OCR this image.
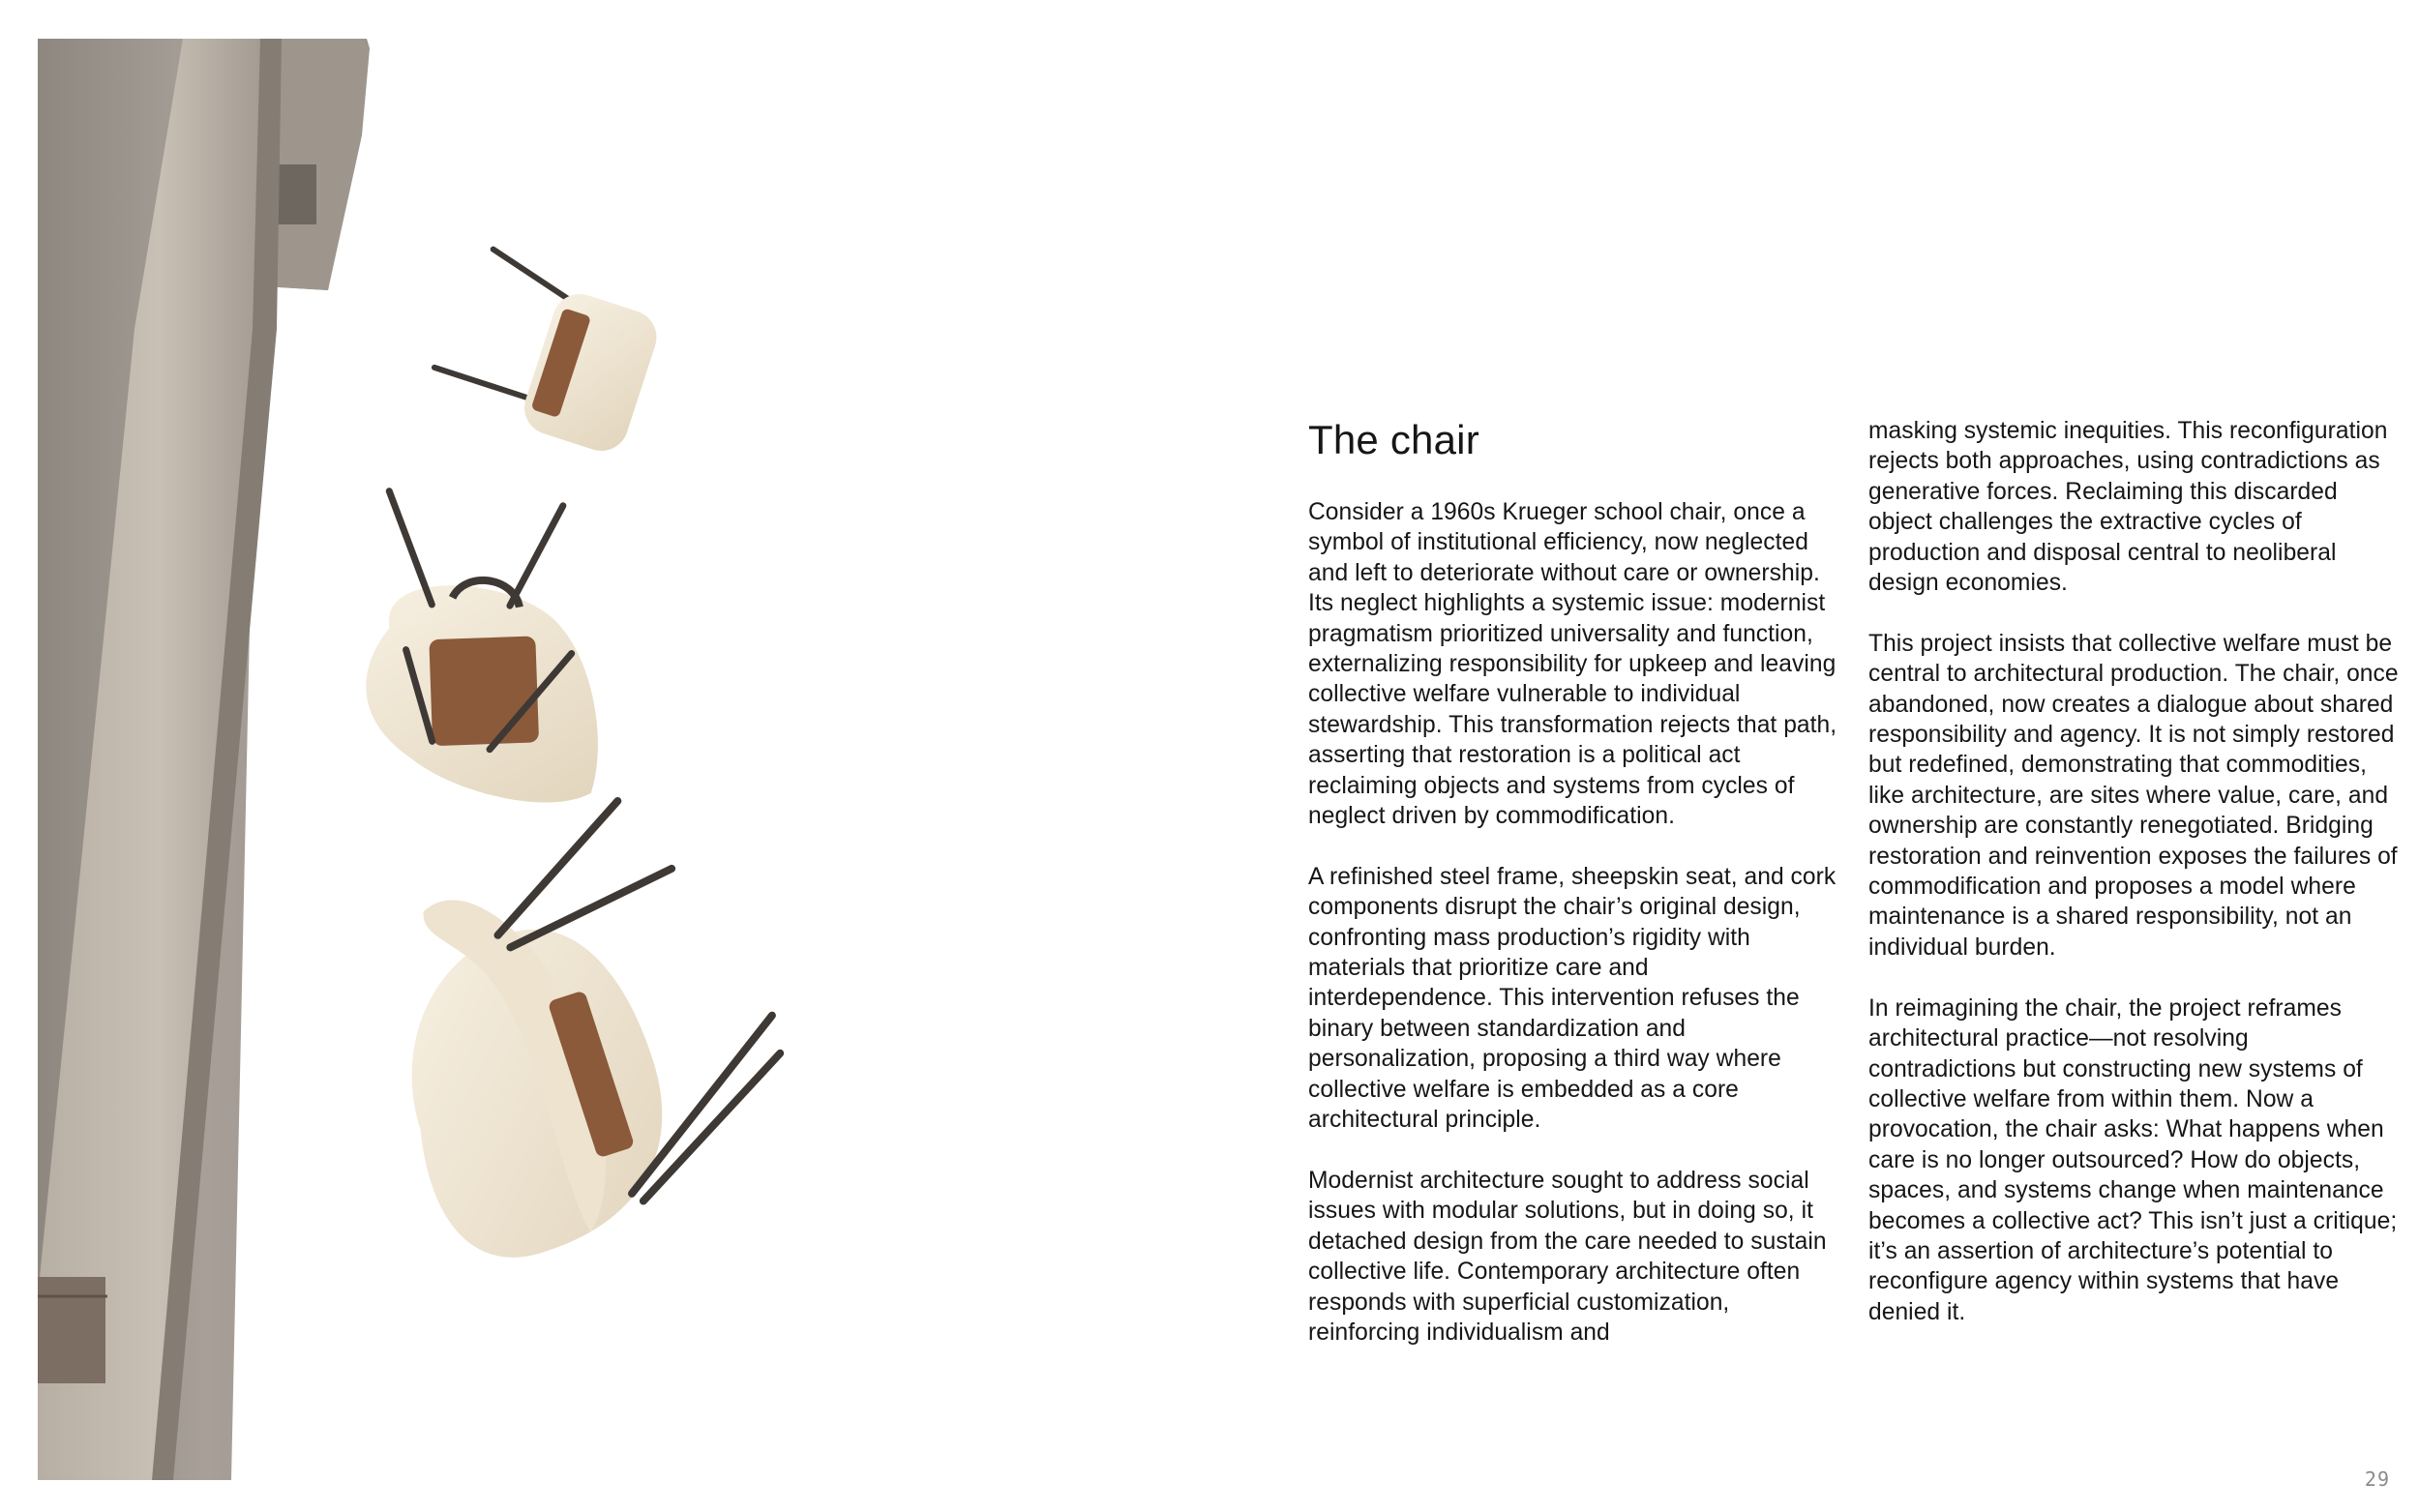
The chair

Consider a 1960s Krueger school chair, once a symbol of institutional efficiency, now neglected and left to deteriorate without care or ownership. Its neglect highlights a systemic issue: modernist pragmatism prioritized universality and function, externalizing responsibility for upkeep and leaving collective welfare vulnerable to individual stewardship. This transformation rejects that path, asserting that restoration is a political act reclaiming objects and systems from cycles of neglect driven by commodification.

A refinished steel frame, sheepskin seat, and cork components disrupt the chair’s original design, confronting mass production’s rigidity with materials that prioritize care and interdependence. This intervention refuses the binary between standardization and personalization, proposing a third way where collective welfare is embedded as a core architectural principle.

Modernist architecture sought to address social issues with modular solutions, but in doing so, it detached design from the care needed to sustain collective life. Contemporary architecture often responds with superficial customization, reinforcing individualism and

masking systemic inequities. This reconfiguration rejects both approaches, using contradictions as generative forces. Reclaiming this discarded object challenges the extractive cycles of production and disposal central to neoliberal design economies.

This project insists that collective welfare must be central to architectural production. The chair, once abandoned, now creates a dialogue about shared responsibility and agency. It is not simply restored but redefined, demonstrating that commodities, like architecture, are sites where value, care, and ownership are constantly renegotiated. Bridging restoration and reinvention exposes the failures of commodification and proposes a model where maintenance is a shared responsibility, not an individual burden.

In reimagining the chair, the project reframes architectural practice—not resolving contradictions but constructing new systems of collective welfare from within them. Now a provocation, the chair asks: What happens when care is no longer outsourced? How do objects, spaces, and systems change when maintenance becomes a collective act? This isn’t just a critique; it’s an assertion of architecture’s potential to reconfigure agency within systems that have denied it.

29
